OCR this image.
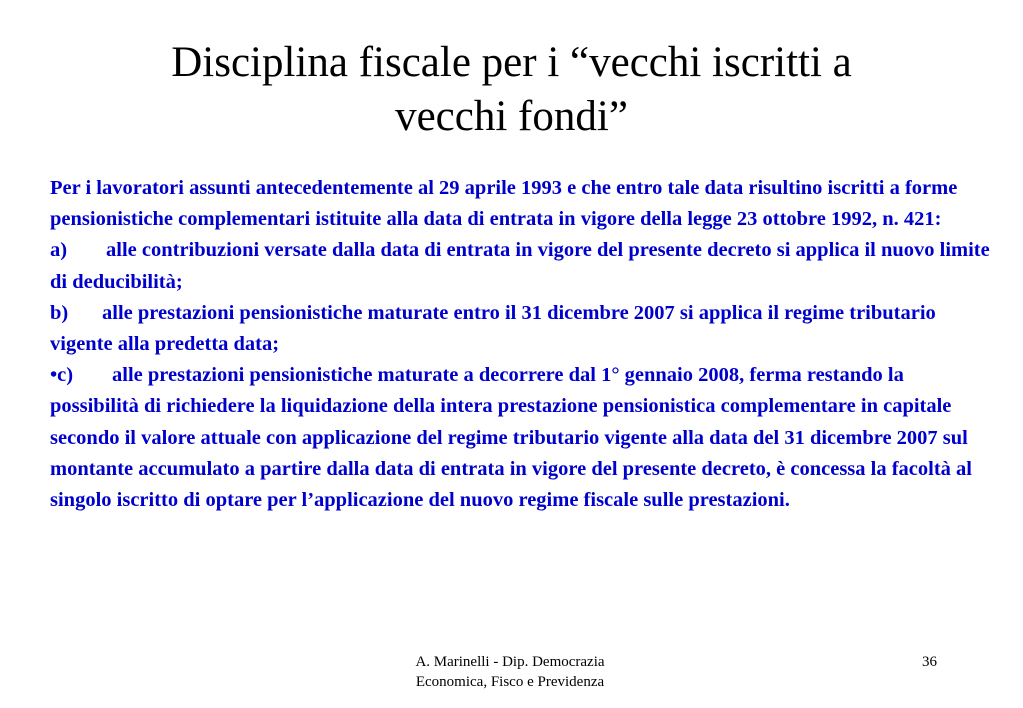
Disciplina fiscale per i “vecchi iscritti a
vecchi fondi”

Per i lavoratori assunti antecedentemente al 29 aprile 1993 e che entro tale data risultino iscritti a forme pensionistiche complementari istituite alla data di entrata in vigore della legge 23 ottobre 1992, n. 421:

a) alle contribuzioni versate dalla data di entrata in vigore del presente decreto si applica il nuovo limite di deducibilità;

b) alle prestazioni pensionistiche maturate entro il 31 dicembre 2007 si applica il regime tributario vigente alla predetta data;

•c) alle prestazioni pensionistiche maturate a decorrere dal 1° gennaio 2008, ferma restando la possibilità di richiedere la liquidazione della intera prestazione pensionistica complementare in capitale secondo il valore attuale con applicazione del regime tributario vigente alla data del 31 dicembre 2007 sul montante accumulato a partire dalla data di entrata in vigore del presente decreto, è concessa la facoltà al singolo iscritto di optare per l’applicazione del nuovo regime fiscale sulle prestazioni.

A. Marinelli - Dip. Democrazia
Economica, Fisco e Previdenza
36
